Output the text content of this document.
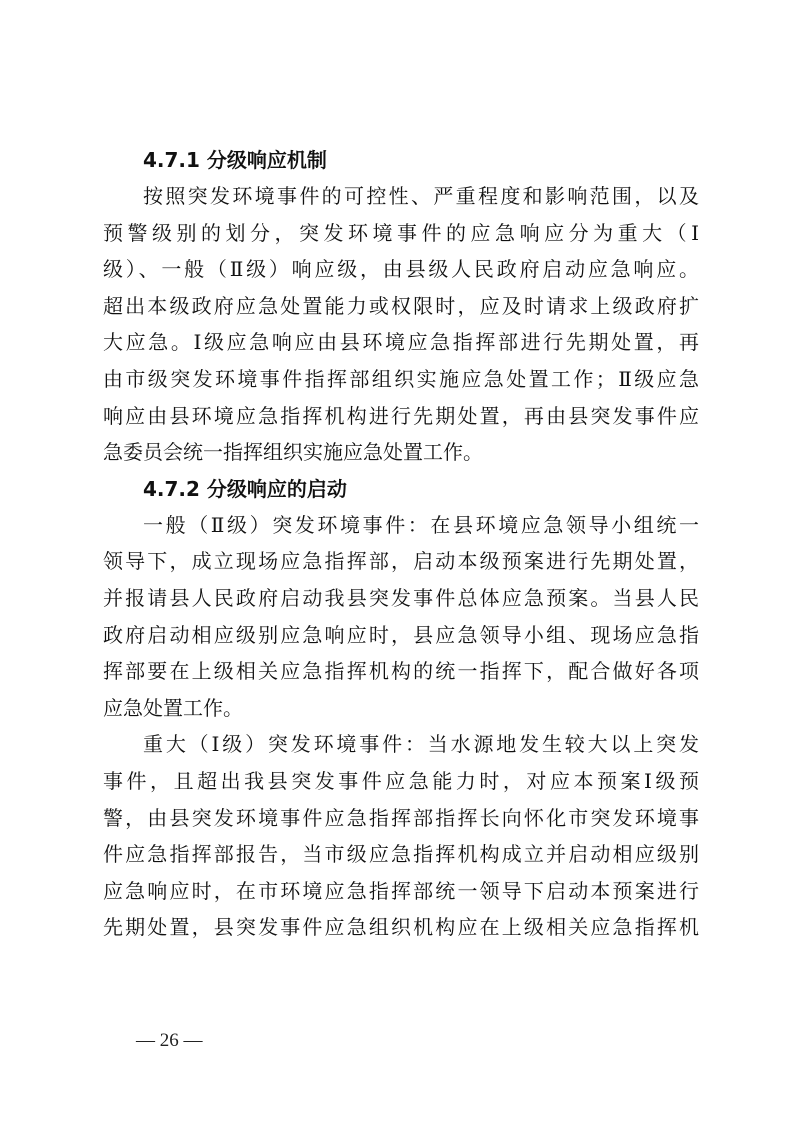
4.7.1 分级响应机制
按照突发环境事件的可控性、严重程度和影响范围，以及
预警级别的划分，突发环境事件的应急响应分为重大（Ⅰ
级）、一般（Ⅱ级）响应级，由县级人民政府启动应急响应。
超出本级政府应急处置能力或权限时，应及时请求上级政府扩
大应急。Ⅰ级应急响应由县环境应急指挥部进行先期处置，再
由市级突发环境事件指挥部组织实施应急处置工作；Ⅱ级应急
响应由县环境应急指挥机构进行先期处置，再由县突发事件应
急委员会统一指挥组织实施应急处置工作。
4.7.2 分级响应的启动
一般（Ⅱ级）突发环境事件：在县环境应急领导小组统一
领导下，成立现场应急指挥部，启动本级预案进行先期处置，
并报请县人民政府启动我县突发事件总体应急预案。当县人民
政府启动相应级别应急响应时，县应急领导小组、现场应急指
挥部要在上级相关应急指挥机构的统一指挥下，配合做好各项
应急处置工作。
重大（Ⅰ级）突发环境事件：当水源地发生较大以上突发
事件，且超出我县突发事件应急能力时，对应本预案Ⅰ级预
警，由县突发环境事件应急指挥部指挥长向怀化市突发环境事
件应急指挥部报告，当市级应急指挥机构成立并启动相应级别
应急响应时，在市环境应急指挥部统一领导下启动本预案进行
先期处置，县突发事件应急组织机构应在上级相关应急指挥机
— 26 —
